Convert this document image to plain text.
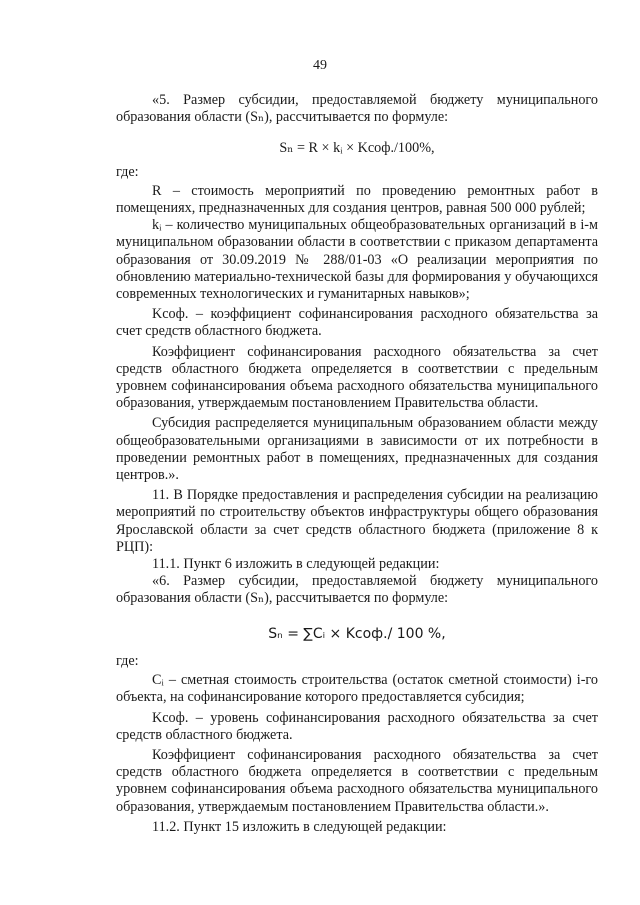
49

«5. Размер субсидии, предоставляемой бюджету муниципального образования области (Sₙ), рассчитывается по формуле:

Sₙ = R × kᵢ × Kсоф./100%,

где:

R – стоимость мероприятий по проведению ремонтных работ в помещениях, предназначенных для создания центров, равная 500 000 рублей;

kᵢ – количество муниципальных общеобразовательных организаций в i-м муниципальном образовании области в соответствии с приказом департамента образования от 30.09.2019 № 288/01-03 «О реализации мероприятия по обновлению материально-технической базы для формирования у обучающихся современных технологических и гуманитарных навыков»;

Kсоф. – коэффициент софинансирования расходного обязательства за счет средств областного бюджета.

Коэффициент софинансирования расходного обязательства за счет средств областного бюджета определяется в соответствии с предельным уровнем софинансирования объема расходного обязательства муниципального образования, утверждаемым постановлением Правительства области.

Субсидия распределяется муниципальным образованием области между общеобразовательными организациями в зависимости от их потребности в проведении ремонтных работ в помещениях, предназначенных для создания центров.».

11. В Порядке предоставления и распределения субсидии на реализацию мероприятий по строительству объектов инфраструктуры общего образования Ярославской области за счет средств областного бюджета (приложение 8 к РЦП):

11.1. Пункт 6 изложить в следующей редакции:

«6. Размер субсидии, предоставляемой бюджету муниципального образования области (Sₙ), рассчитывается по формуле:

Sₙ = ∑Cᵢ × Kсоф./ 100 %,

где:

Cᵢ – сметная стоимость строительства (остаток сметной стоимости) i-го объекта, на софинансирование которого предоставляется субсидия;

Kсоф. – уровень софинансирования расходного обязательства за счет средств областного бюджета.

Коэффициент софинансирования расходного обязательства за счет средств областного бюджета определяется в соответствии с предельным уровнем софинансирования объема расходного обязательства муниципального образования, утверждаемым постановлением Правительства области.».

11.2. Пункт 15 изложить в следующей редакции:
